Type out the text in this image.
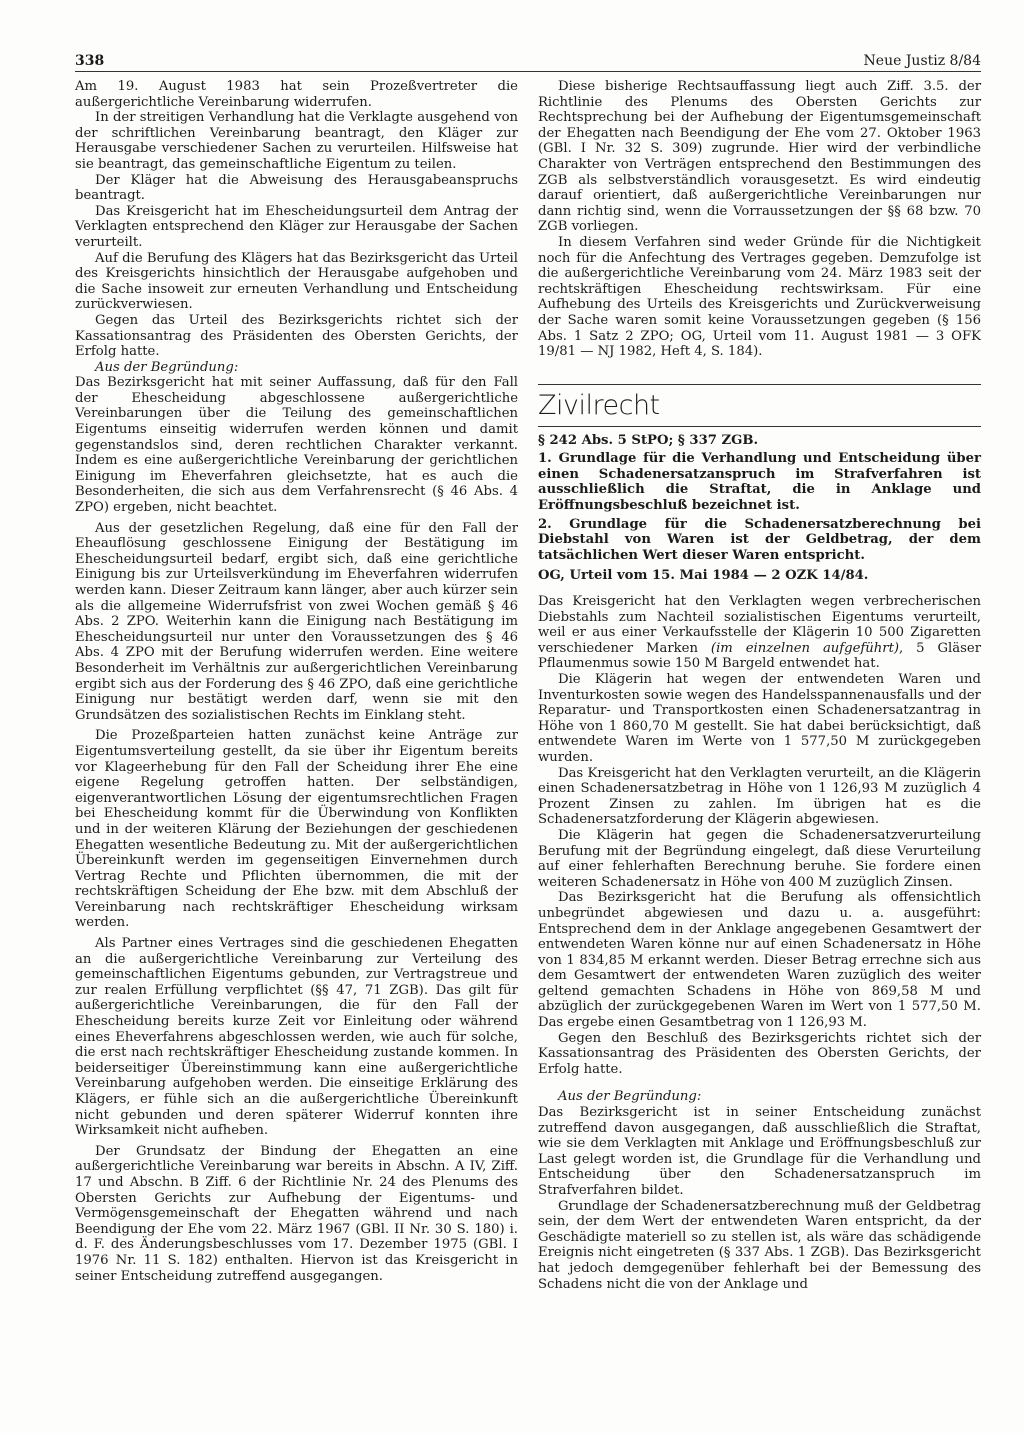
338	Neue Justiz 8/84

Am 19. August 1983 hat sein Prozeßvertreter die außergerichtliche Vereinbarung widerrufen.

In der streitigen Verhandlung hat die Verklagte ausgehend von der schriftlichen Vereinbarung beantragt, den Kläger zur Herausgabe verschiedener Sachen zu verurteilen. Hilfsweise hat sie beantragt, das gemeinschaftliche Eigentum zu teilen.

Der Kläger hat die Abweisung des Herausgabeanspruchs beantragt.

Das Kreisgericht hat im Ehescheidungsurteil dem Antrag der Verklagten entsprechend den Kläger zur Herausgabe der Sachen verurteilt.

Auf die Berufung des Klägers hat das Bezirksgericht das Urteil des Kreisgerichts hinsichtlich der Herausgabe aufgehoben und die Sache insoweit zur erneuten Verhandlung und Entscheidung zurückverwiesen.

Gegen das Urteil des Bezirksgerichts richtet sich der Kassationsantrag des Präsidenten des Obersten Gerichts, der Erfolg hatte.

Aus der Begründung:

Das Bezirksgericht hat mit seiner Auffassung, daß für den Fall der Ehescheidung abgeschlossene außergerichtliche Vereinbarungen über die Teilung des gemeinschaftlichen Eigentums einseitig widerrufen werden können und damit gegenstandslos sind, deren rechtlichen Charakter verkannt. Indem es eine außergerichtliche Vereinbarung der gerichtlichen Einigung im Eheverfahren gleichsetzte, hat es auch die Besonderheiten, die sich aus dem Verfahrensrecht (§ 46 Abs. 4 ZPO) ergeben, nicht beachtet.

Aus der gesetzlichen Regelung, daß eine für den Fall der Eheauflösung geschlossene Einigung der Bestätigung im Ehescheidungsurteil bedarf, ergibt sich, daß eine gerichtliche Einigung bis zur Urteilsverkündung im Eheverfahren widerrufen werden kann. Dieser Zeitraum kann länger, aber auch kürzer sein als die allgemeine Widerrufsfrist von zwei Wochen gemäß § 46 Abs. 2 ZPO. Weiterhin kann die Einigung nach Bestätigung im Ehescheidungsurteil nur unter den Voraussetzungen des § 46 Abs. 4 ZPO mit der Berufung widerrufen werden. Eine weitere Besonderheit im Verhältnis zur außergerichtlichen Vereinbarung ergibt sich aus der Forderung des § 46 ZPO, daß eine gerichtliche Einigung nur bestätigt werden darf, wenn sie mit den Grundsätzen des sozialistischen Rechts im Einklang steht.

Die Prozeßparteien hatten zunächst keine Anträge zur Eigentumsverteilung gestellt, da sie über ihr Eigentum bereits vor Klageerhebung für den Fall der Scheidung ihrer Ehe eine eigene Regelung getroffen hatten. Der selbständigen, eigenverantwortlichen Lösung der eigentumsrechtlichen Fragen bei Ehescheidung kommt für die Überwindung von Konflikten und in der weiteren Klärung der Beziehungen der geschiedenen Ehegatten wesentliche Bedeutung zu. Mit der außergerichtlichen Übereinkunft werden im gegenseitigen Einvernehmen durch Vertrag Rechte und Pflichten übernommen, die mit der rechtskräftigen Scheidung der Ehe bzw. mit dem Abschluß der Vereinbarung nach rechtskräftiger Ehescheidung wirksam werden.

Als Partner eines Vertrages sind die geschiedenen Ehegatten an die außergerichtliche Vereinbarung zur Verteilung des gemeinschaftlichen Eigentums gebunden, zur Vertragstreue und zur realen Erfüllung verpflichtet (§§ 47, 71 ZGB). Das gilt für außergerichtliche Vereinbarungen, die für den Fall der Ehescheidung bereits kurze Zeit vor Einleitung oder während eines Eheverfahrens abgeschlossen werden, wie auch für solche, die erst nach rechtskräftiger Ehescheidung zustande kommen. In beiderseitiger Übereinstimmung kann eine außergerichtliche Vereinbarung aufgehoben werden. Die einseitige Erklärung des Klägers, er fühle sich an die außergerichtliche Übereinkunft nicht gebunden und deren späterer Widerruf konnten ihre Wirksamkeit nicht aufheben.

Der Grundsatz der Bindung der Ehegatten an eine außergerichtliche Vereinbarung war bereits in Abschn. A IV, Ziff. 17 und Abschn. B Ziff. 6 der Richtlinie Nr. 24 des Plenums des Obersten Gerichts zur Aufhebung der Eigentums- und Vermögensgemeinschaft der Ehegatten während und nach Beendigung der Ehe vom 22. März 1967 (GBl. II Nr. 30 S. 180) i. d. F. des Änderungsbeschlusses vom 17. Dezember 1975 (GBl. I 1976 Nr. 11 S. 182) enthalten. Hiervon ist das Kreisgericht in seiner Entscheidung zutreffend ausgegangen.

Diese bisherige Rechtsauffassung liegt auch Ziff. 3.5. der Richtlinie des Plenums des Obersten Gerichts zur Rechtsprechung bei der Aufhebung der Eigentumsgemeinschaft der Ehegatten nach Beendigung der Ehe vom 27. Oktober 1963 (GBl. I Nr. 32 S. 309) zugrunde. Hier wird der verbindliche Charakter von Verträgen entsprechend den Bestimmungen des ZGB als selbstverständlich vorausgesetzt. Es wird eindeutig darauf orientiert, daß außergerichtliche Vereinbarungen nur dann richtig sind, wenn die Vorraussetzungen der §§ 68 bzw. 70 ZGB vorliegen.

In diesem Verfahren sind weder Gründe für die Nichtigkeit noch für die Anfechtung des Vertrages gegeben. Demzufolge ist die außergerichtliche Vereinbarung vom 24. März 1983 seit der rechtskräftigen Ehescheidung rechtswirksam. Für eine Aufhebung des Urteils des Kreisgerichts und Zurückverweisung der Sache waren somit keine Voraussetzungen gegeben (§ 156 Abs. 1 Satz 2 ZPO; OG, Urteil vom 11. August 1981 — 3 OFK 19/81 — NJ 1982, Heft 4, S. 184).

Zivilrecht

§ 242 Abs. 5 StPO; § 337 ZGB.

1. Grundlage für die Verhandlung und Entscheidung über einen Schadenersatzanspruch im Strafverfahren ist ausschließlich die Straftat, die in Anklage und Eröffnungsbeschluß bezeichnet ist.

2. Grundlage für die Schadenersatzberechnung bei Diebstahl von Waren ist der Geldbetrag, der dem tatsächlichen Wert dieser Waren entspricht.

OG, Urteil vom 15. Mai 1984 — 2 OZK 14/84.

Das Kreisgericht hat den Verklagten wegen verbrecherischen Diebstahls zum Nachteil sozialistischen Eigentums verurteilt, weil er aus einer Verkaufsstelle der Klägerin 10 500 Zigaretten verschiedener Marken (im einzelnen aufgeführt), 5 Gläser Pflaumenmus sowie 150 M Bargeld entwendet hat.

Die Klägerin hat wegen der entwendeten Waren und Inventurkosten sowie wegen des Handelsspannenausfalls und der Reparatur- und Transportkosten einen Schadenersatzantrag in Höhe von 1 860,70 M gestellt. Sie hat dabei berücksichtigt, daß entwendete Waren im Werte von 1 577,50 M zurückgegeben wurden.

Das Kreisgericht hat den Verklagten verurteilt, an die Klägerin einen Schadenersatzbetrag in Höhe von 1 126,93 M zuzüglich 4 Prozent Zinsen zu zahlen. Im übrigen hat es die Schadenersatzforderung der Klägerin abgewiesen.

Die Klägerin hat gegen die Schadenersatzverurteilung Berufung mit der Begründung eingelegt, daß diese Verurteilung auf einer fehlerhaften Berechnung beruhe. Sie fordere einen weiteren Schadenersatz in Höhe von 400 M zuzüglich Zinsen.

Das Bezirksgericht hat die Berufung als offensichtlich unbegründet abgewiesen und dazu u. a. ausgeführt: Entsprechend dem in der Anklage angegebenen Gesamtwert der entwendeten Waren könne nur auf einen Schadenersatz in Höhe von 1 834,85 M erkannt werden. Dieser Betrag errechne sich aus dem Gesamtwert der entwendeten Waren zuzüglich des weiter geltend gemachten Schadens in Höhe von 869,58 M und abzüglich der zurückgegebenen Waren im Wert von 1 577,50 M. Das ergebe einen Gesamtbetrag von 1 126,93 M.

Gegen den Beschluß des Bezirksgerichts richtet sich der Kassationsantrag des Präsidenten des Obersten Gerichts, der Erfolg hatte.

Aus der Begründung:

Das Bezirksgericht ist in seiner Entscheidung zunächst zutreffend davon ausgegangen, daß ausschließlich die Straftat, wie sie dem Verklagten mit Anklage und Eröffnungsbeschluß zur Last gelegt worden ist, die Grundlage für die Verhandlung und Entscheidung über den Schadenersatzanspruch im Strafverfahren bildet.

Grundlage der Schadenersatzberechnung muß der Geldbetrag sein, der dem Wert der entwendeten Waren entspricht, da der Geschädigte materiell so zu stellen ist, als wäre das schädigende Ereignis nicht eingetreten (§ 337 Abs. 1 ZGB). Das Bezirksgericht hat jedoch demgegenüber fehlerhaft bei der Bemessung des Schadens nicht die von der Anklage und
